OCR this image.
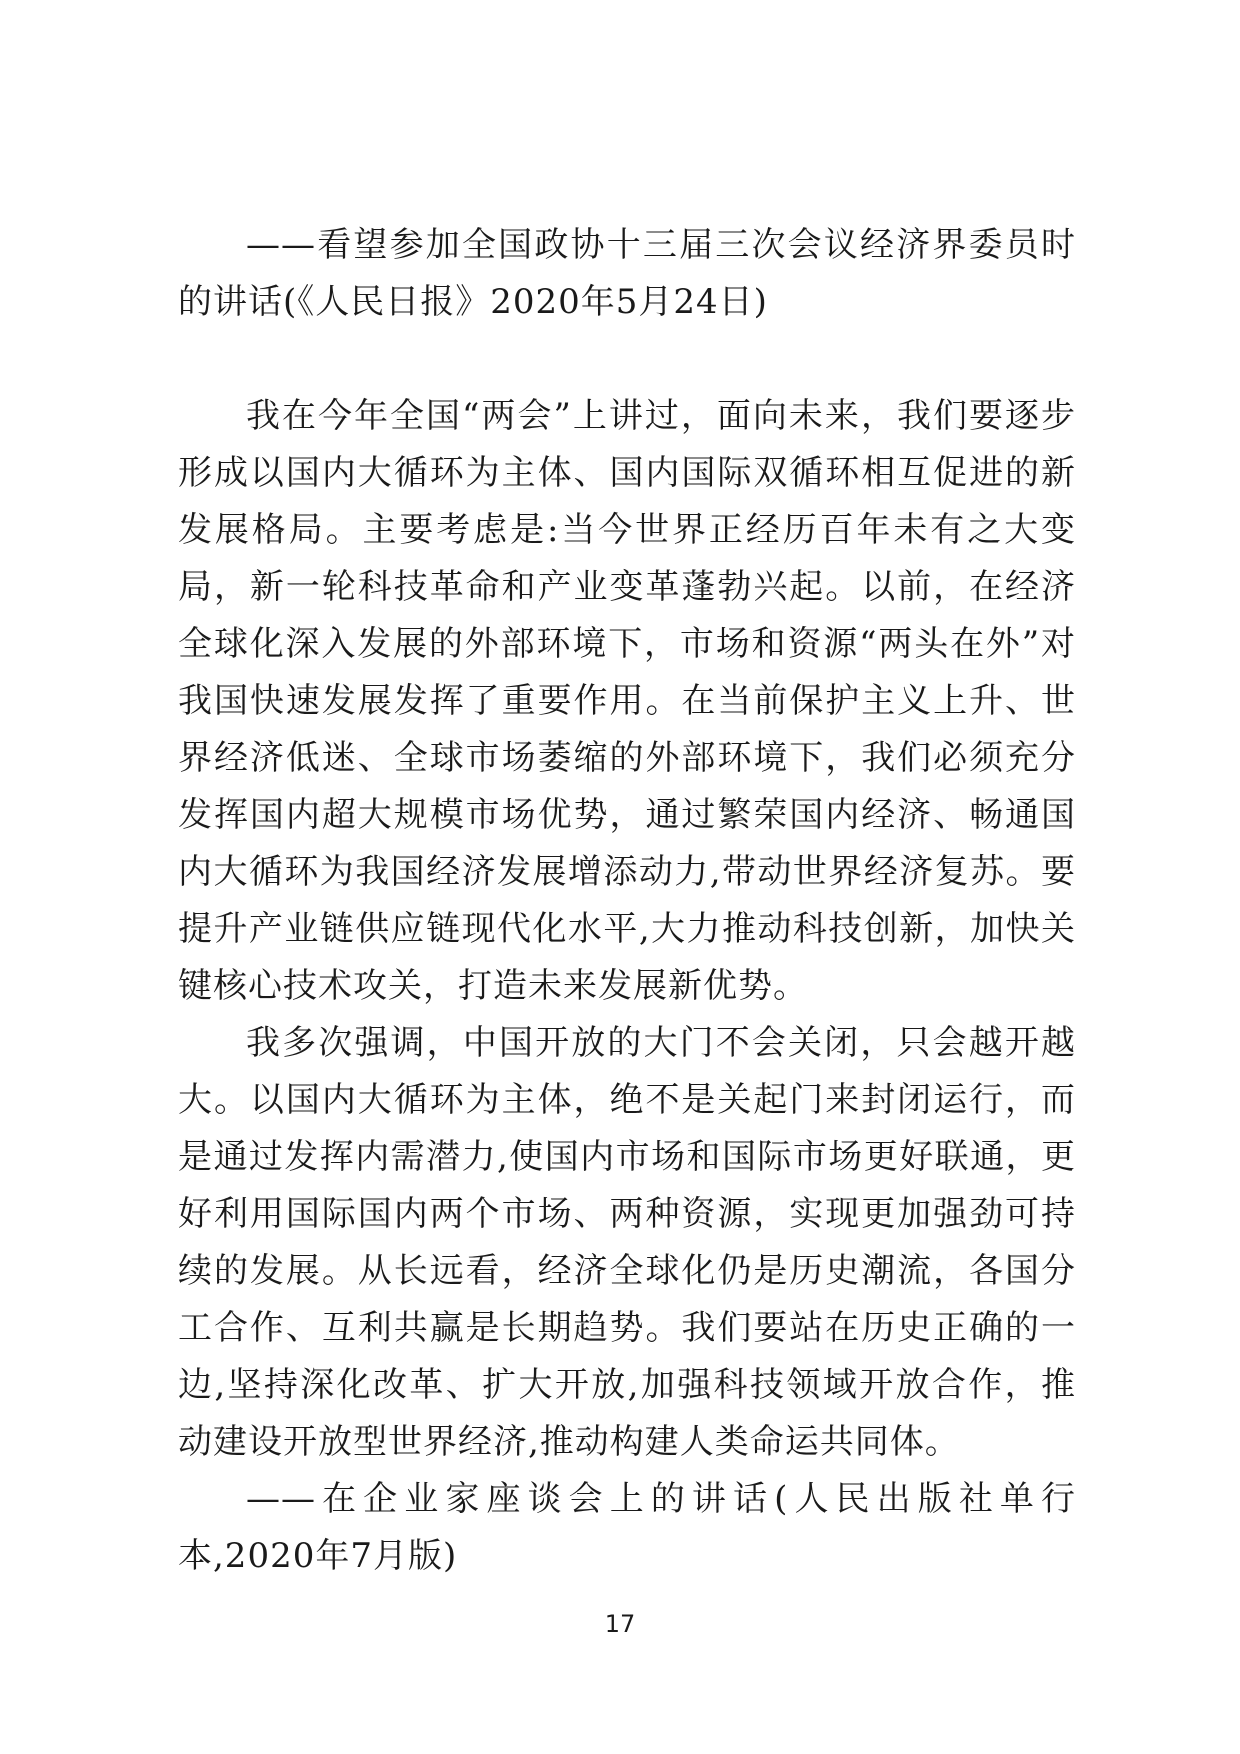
——看望参加全国政协十三届三次会议经济界委员时的讲话(《人民日报》2020年5月24日)

我在今年全国“两会”上讲过，面向未来，我们要逐步形成以国内大循环为主体、国内国际双循环相互促进的新发展格局。主要考虑是:当今世界正经历百年未有之大变局，新一轮科技革命和产业变革蓬勃兴起。以前，在经济全球化深入发展的外部环境下，市场和资源“两头在外”对我国快速发展发挥了重要作用。在当前保护主义上升、世界经济低迷、全球市场萎缩的外部环境下，我们必须充分发挥国内超大规模市场优势，通过繁荣国内经济、畅通国内大循环为我国经济发展增添动力,带动世界经济复苏。要提升产业链供应链现代化水平,大力推动科技创新，加快关键核心技术攻关，打造未来发展新优势。

我多次强调，中国开放的大门不会关闭，只会越开越大。以国内大循环为主体，绝不是关起门来封闭运行，而是通过发挥内需潜力,使国内市场和国际市场更好联通，更好利用国际国内两个市场、两种资源，实现更加强劲可持续的发展。从长远看，经济全球化仍是历史潮流，各国分工合作、互利共赢是长期趋势。我们要站在历史正确的一边,坚持深化改革、扩大开放,加强科技领域开放合作，推动建设开放型世界经济,推动构建人类命运共同体。

——在企业家座谈会上的讲话(人民出版社单行本,2020年7月版)

17
